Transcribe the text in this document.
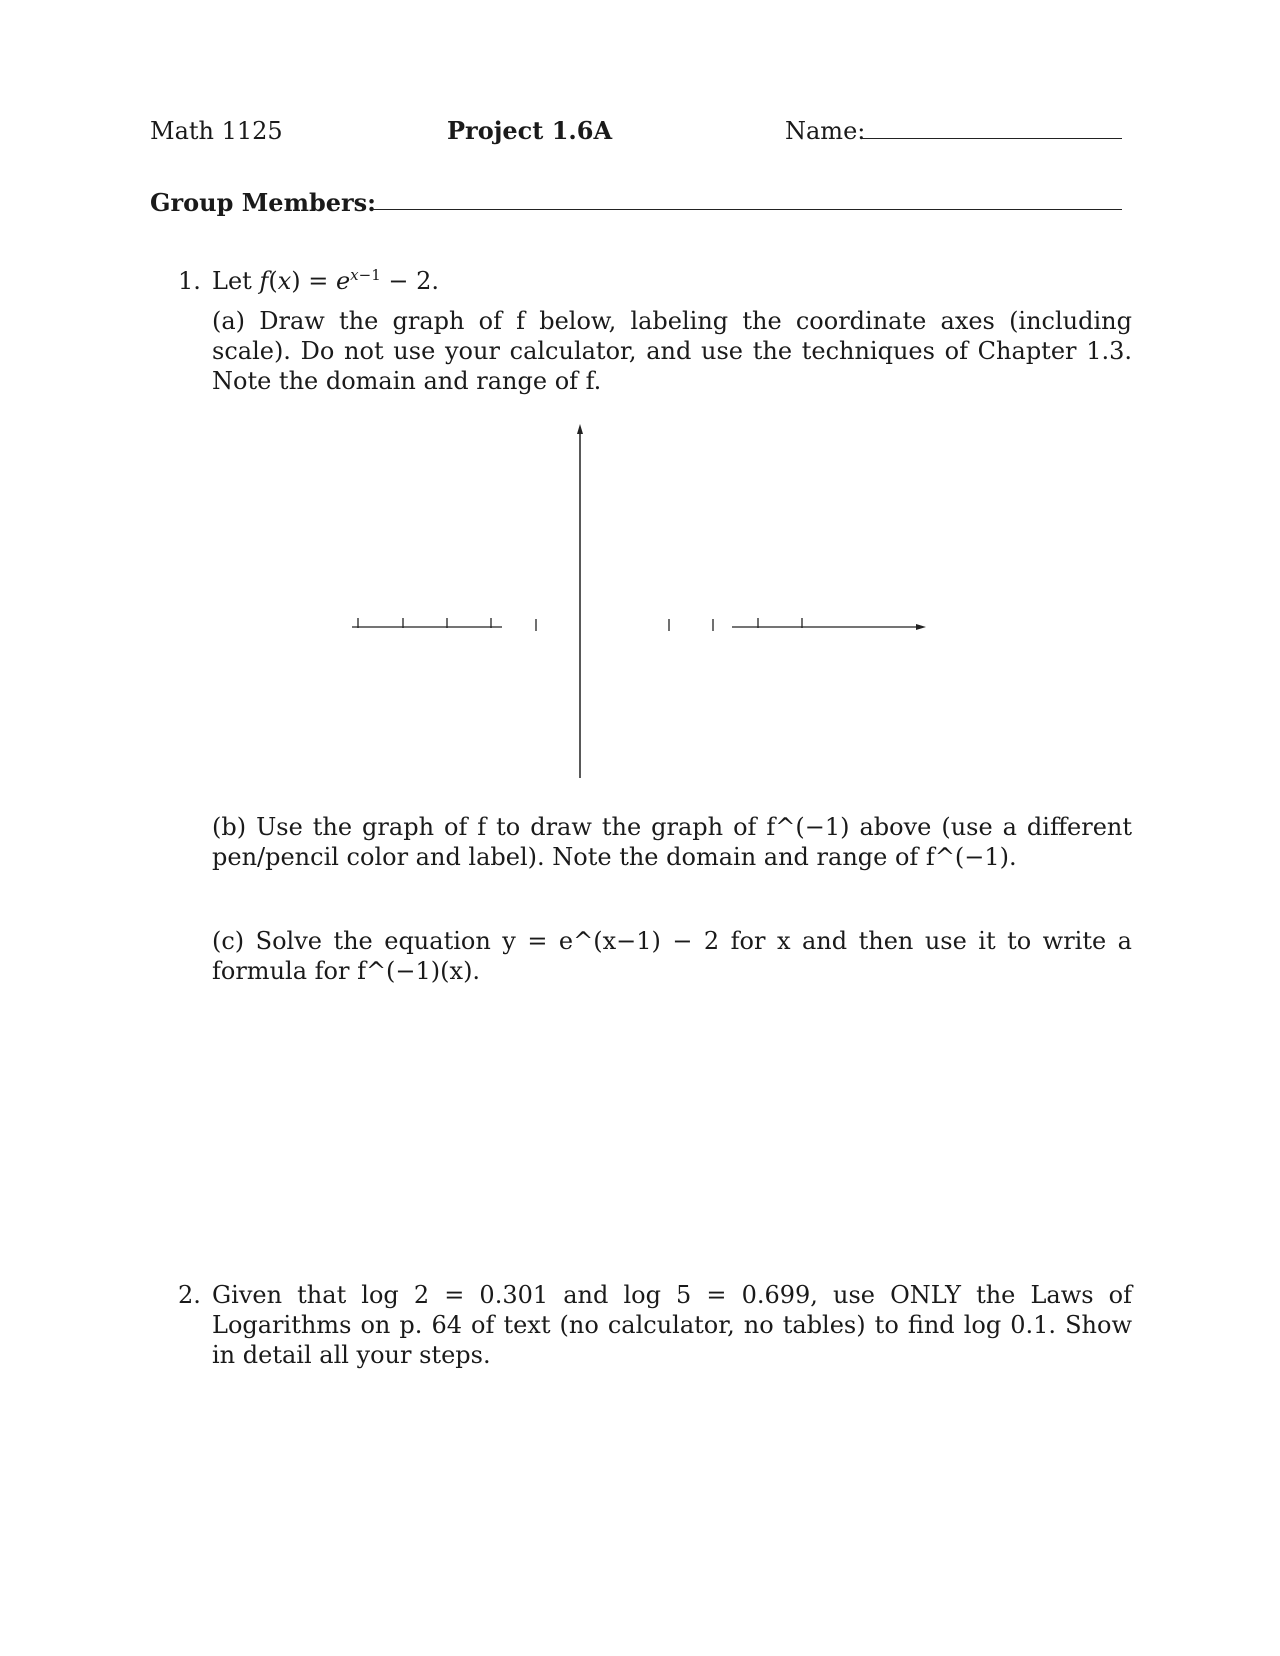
Math 1125	Project 1.6A	Name:
Group Members:
1. Let $f(x) = e^{x-1} - 2$.
(a) Draw the graph of f below, labeling the coordinate axes (including scale). Do not use your calculator, and use the techniques of Chapter 1.3. Note the domain and range of f.
(b) Use the graph of f to draw the graph of f^(−1) above (use a different pen/pencil color and label). Note the domain and range of f^(−1).
(c) Solve the equation y = e^(x−1) − 2 for x and then use it to write a formula for f^(−1)(x).
2. Given that log 2 = 0.301 and log 5 = 0.699, use ONLY the Laws of Logarithms on p. 64 of text (no calculator, no tables) to find log 0.1. Show in detail all your steps.
